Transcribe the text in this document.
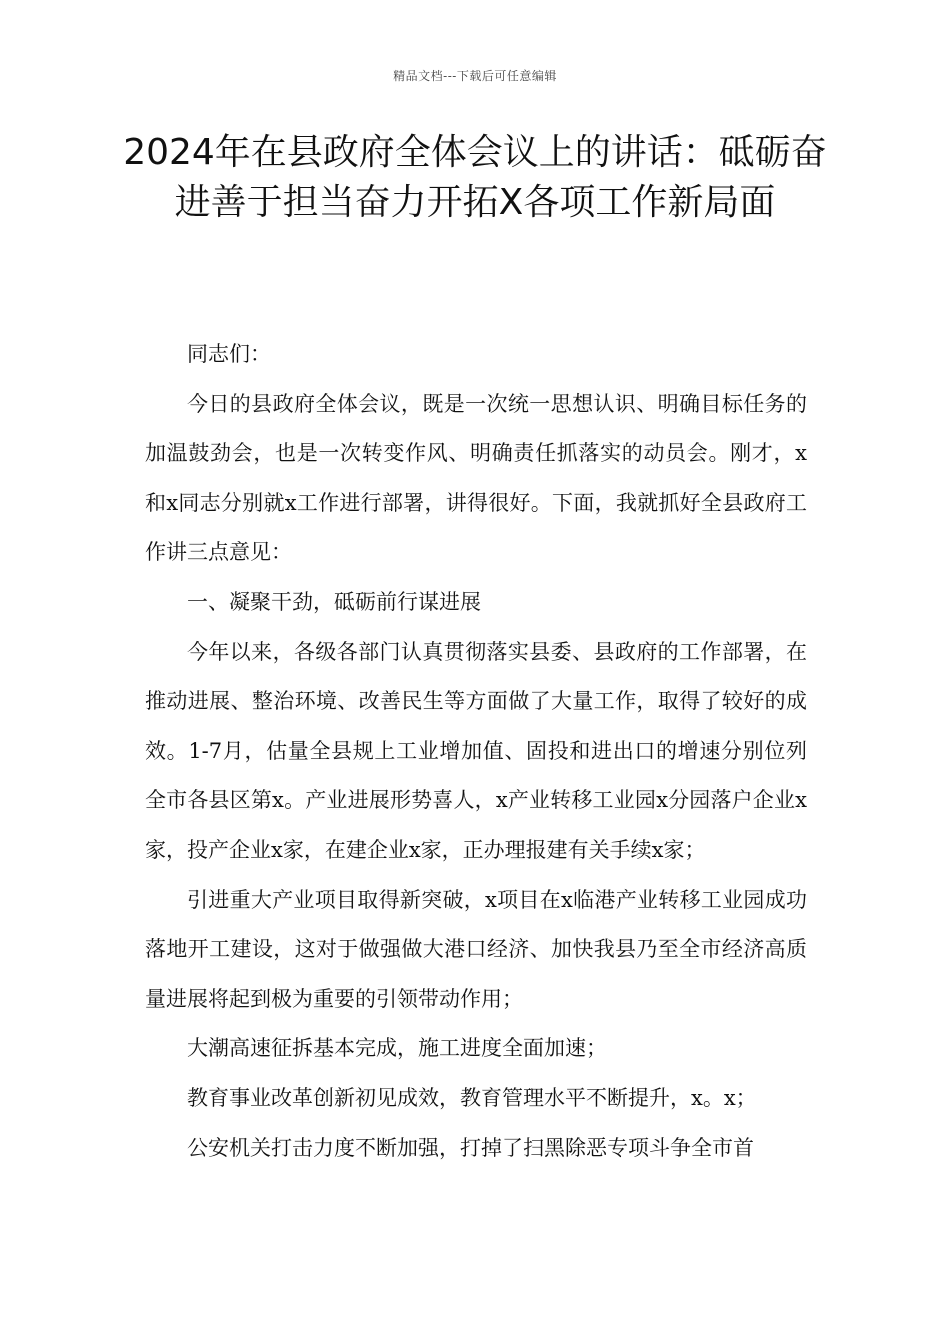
精品文档---下载后可任意编辑
2024年在县政府全体会议上的讲话：砥砺奋进善于担当奋力开拓X各项工作新局面

同志们：

今日的县政府全体会议，既是一次统一思想认识、明确目标任务的加温鼓劲会，也是一次转变作风、明确责任抓落实的动员会。刚才，x和x同志分别就x工作进行部署，讲得很好。下面，我就抓好全县政府工作讲三点意见：

一、凝聚干劲，砥砺前行谋进展

今年以来，各级各部门认真贯彻落实县委、县政府的工作部署，在推动进展、整治环境、改善民生等方面做了大量工作，取得了较好的成效。1-7月，估量全县规上工业增加值、固投和进出口的增速分别位列全市各县区第x。产业进展形势喜人，x产业转移工业园x分园落户企业x家，投产企业x家，在建企业x家，正办理报建有关手续x家；

引进重大产业项目取得新突破，x项目在x临港产业转移工业园成功落地开工建设，这对于做强做大港口经济、加快我县乃至全市经济高质量进展将起到极为重要的引领带动作用；

大潮高速征拆基本完成，施工进度全面加速；

教育事业改革创新初见成效，教育管理水平不断提升，x。x；

公安机关打击力度不断加强，打掉了扫黑除恶专项斗争全市首
